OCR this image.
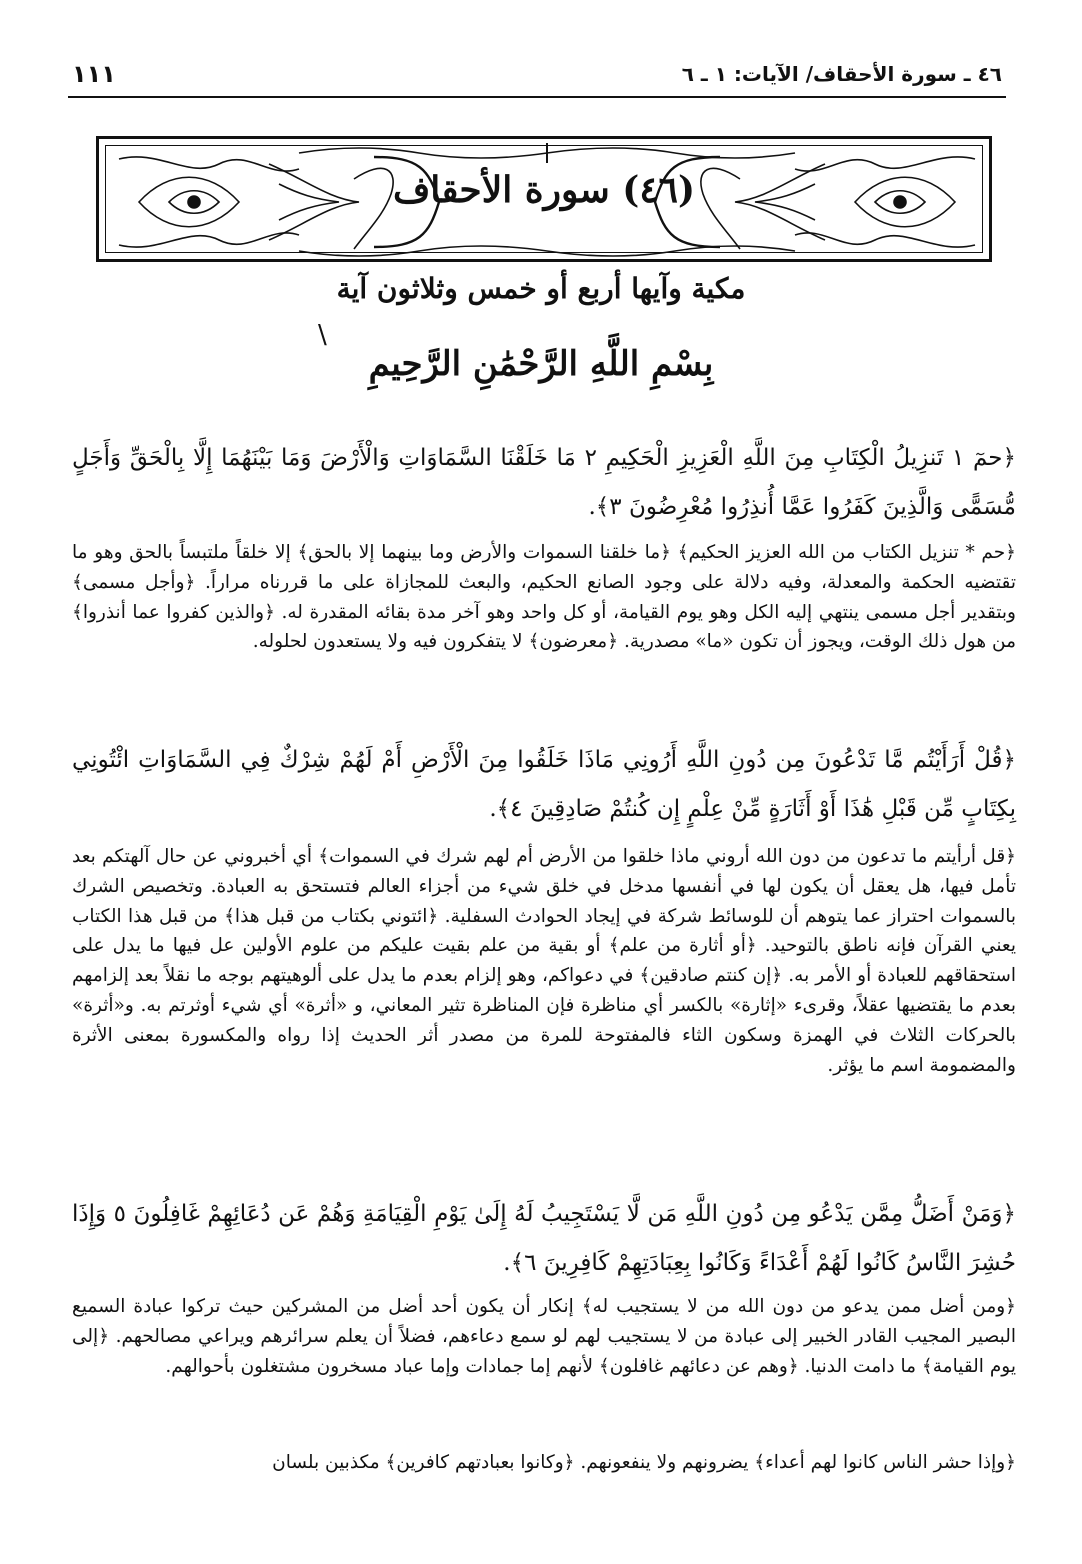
١١١	٤٦ ـ سورة الأحقاف/ الآيات: ١ ـ ٦
(٤٦) سورة الأحقاف
مكية وآيها أربع أو خمس وثلاثون آية
\
بِسْمِ اللَّهِ الرَّحْمَٰنِ الرَّحِيمِ

﴿حمٓ ١ تَنزِيلُ الْكِتَابِ مِنَ اللَّهِ الْعَزِيزِ الْحَكِيمِ ٢ مَا خَلَقْنَا السَّمَاوَاتِ وَالْأَرْضَ وَمَا بَيْنَهُمَا إِلَّا بِالْحَقِّ وَأَجَلٍ مُّسَمًّى وَالَّذِينَ كَفَرُوا عَمَّا أُنذِرُوا مُعْرِضُونَ ٣﴾.

﴿حم * تنزيل الكتاب من الله العزيز الحكيم﴾ ﴿ما خلقنا السموات والأرض وما بينهما إلا بالحق﴾ إلا خلقاً ملتبساً بالحق وهو ما تقتضيه الحكمة والمعدلة، وفيه دلالة على وجود الصانع الحكيم، والبعث للمجازاة على ما قررناه مراراً. ﴿وأجل مسمى﴾ وبتقدير أجل مسمى ينتهي إليه الكل وهو يوم القيامة، أو كل واحد وهو آخر مدة بقائه المقدرة له. ﴿والذين كفروا عما أنذروا﴾ من هول ذلك الوقت، ويجوز أن تكون «ما» مصدرية. ﴿معرضون﴾ لا يتفكرون فيه ولا يستعدون لحلوله.

﴿قُلْ أَرَأَيْتُم مَّا تَدْعُونَ مِن دُونِ اللَّهِ أَرُونِي مَاذَا خَلَقُوا مِنَ الْأَرْضِ أَمْ لَهُمْ شِرْكٌ فِي السَّمَاوَاتِ ائْتُونِي بِكِتَابٍ مِّن قَبْلِ هَٰذَا أَوْ أَثَارَةٍ مِّنْ عِلْمٍ إِن كُنتُمْ صَادِقِينَ ٤﴾.

﴿قل أرأيتم ما تدعون من دون الله أروني ماذا خلقوا من الأرض أم لهم شرك في السموات﴾ أي أخبروني عن حال آلهتكم بعد تأمل فيها، هل يعقل أن يكون لها في أنفسها مدخل في خلق شيء من أجزاء العالم فتستحق به العبادة. وتخصيص الشرك بالسموات احتراز عما يتوهم أن للوسائط شركة في إيجاد الحوادث السفلية. ﴿ائتوني بكتاب من قبل هذا﴾ من قبل هذا الكتاب يعني القرآن فإنه ناطق بالتوحيد. ﴿أو أثارة من علم﴾ أو بقية من علم بقيت عليكم من علوم الأولين عل فيها ما يدل على استحقاقهم للعبادة أو الأمر به. ﴿إن كنتم صادقين﴾ في دعواكم، وهو إلزام بعدم ما يدل على ألوهيتهم بوجه ما نقلاً بعد إلزامهم بعدم ما يقتضيها عقلاً، وقرىء «إثارة» بالكسر أي مناظرة فإن المناظرة تثير المعاني، و «أثرة» أي شيء أوثرتم به. و«أثرة» بالحركات الثلاث في الهمزة وسكون الثاء فالمفتوحة للمرة من مصدر أثر الحديث إذا رواه والمكسورة بمعنى الأثرة والمضمومة اسم ما يؤثر.

﴿وَمَنْ أَضَلُّ مِمَّن يَدْعُو مِن دُونِ اللَّهِ مَن لَّا يَسْتَجِيبُ لَهُ إِلَىٰ يَوْمِ الْقِيَامَةِ وَهُمْ عَن دُعَائِهِمْ غَافِلُونَ ٥ وَإِذَا حُشِرَ النَّاسُ كَانُوا لَهُمْ أَعْدَاءً وَكَانُوا بِعِبَادَتِهِمْ كَافِرِينَ ٦﴾.

﴿ومن أضل ممن يدعو من دون الله من لا يستجيب له﴾ إنكار أن يكون أحد أضل من المشركين حيث تركوا عبادة السميع البصير المجيب القادر الخبير إلى عبادة من لا يستجيب لهم لو سمع دعاءهم، فضلاً أن يعلم سرائرهم ويراعي مصالحهم. ﴿إلى يوم القيامة﴾ ما دامت الدنيا. ﴿وهم عن دعائهم غافلون﴾ لأنهم إما جمادات وإما عباد مسخرون مشتغلون بأحوالهم.

﴿وإذا حشر الناس كانوا لهم أعداء﴾ يضرونهم ولا ينفعونهم. ﴿وكانوا بعبادتهم كافرين﴾ مكذبين بلسان
